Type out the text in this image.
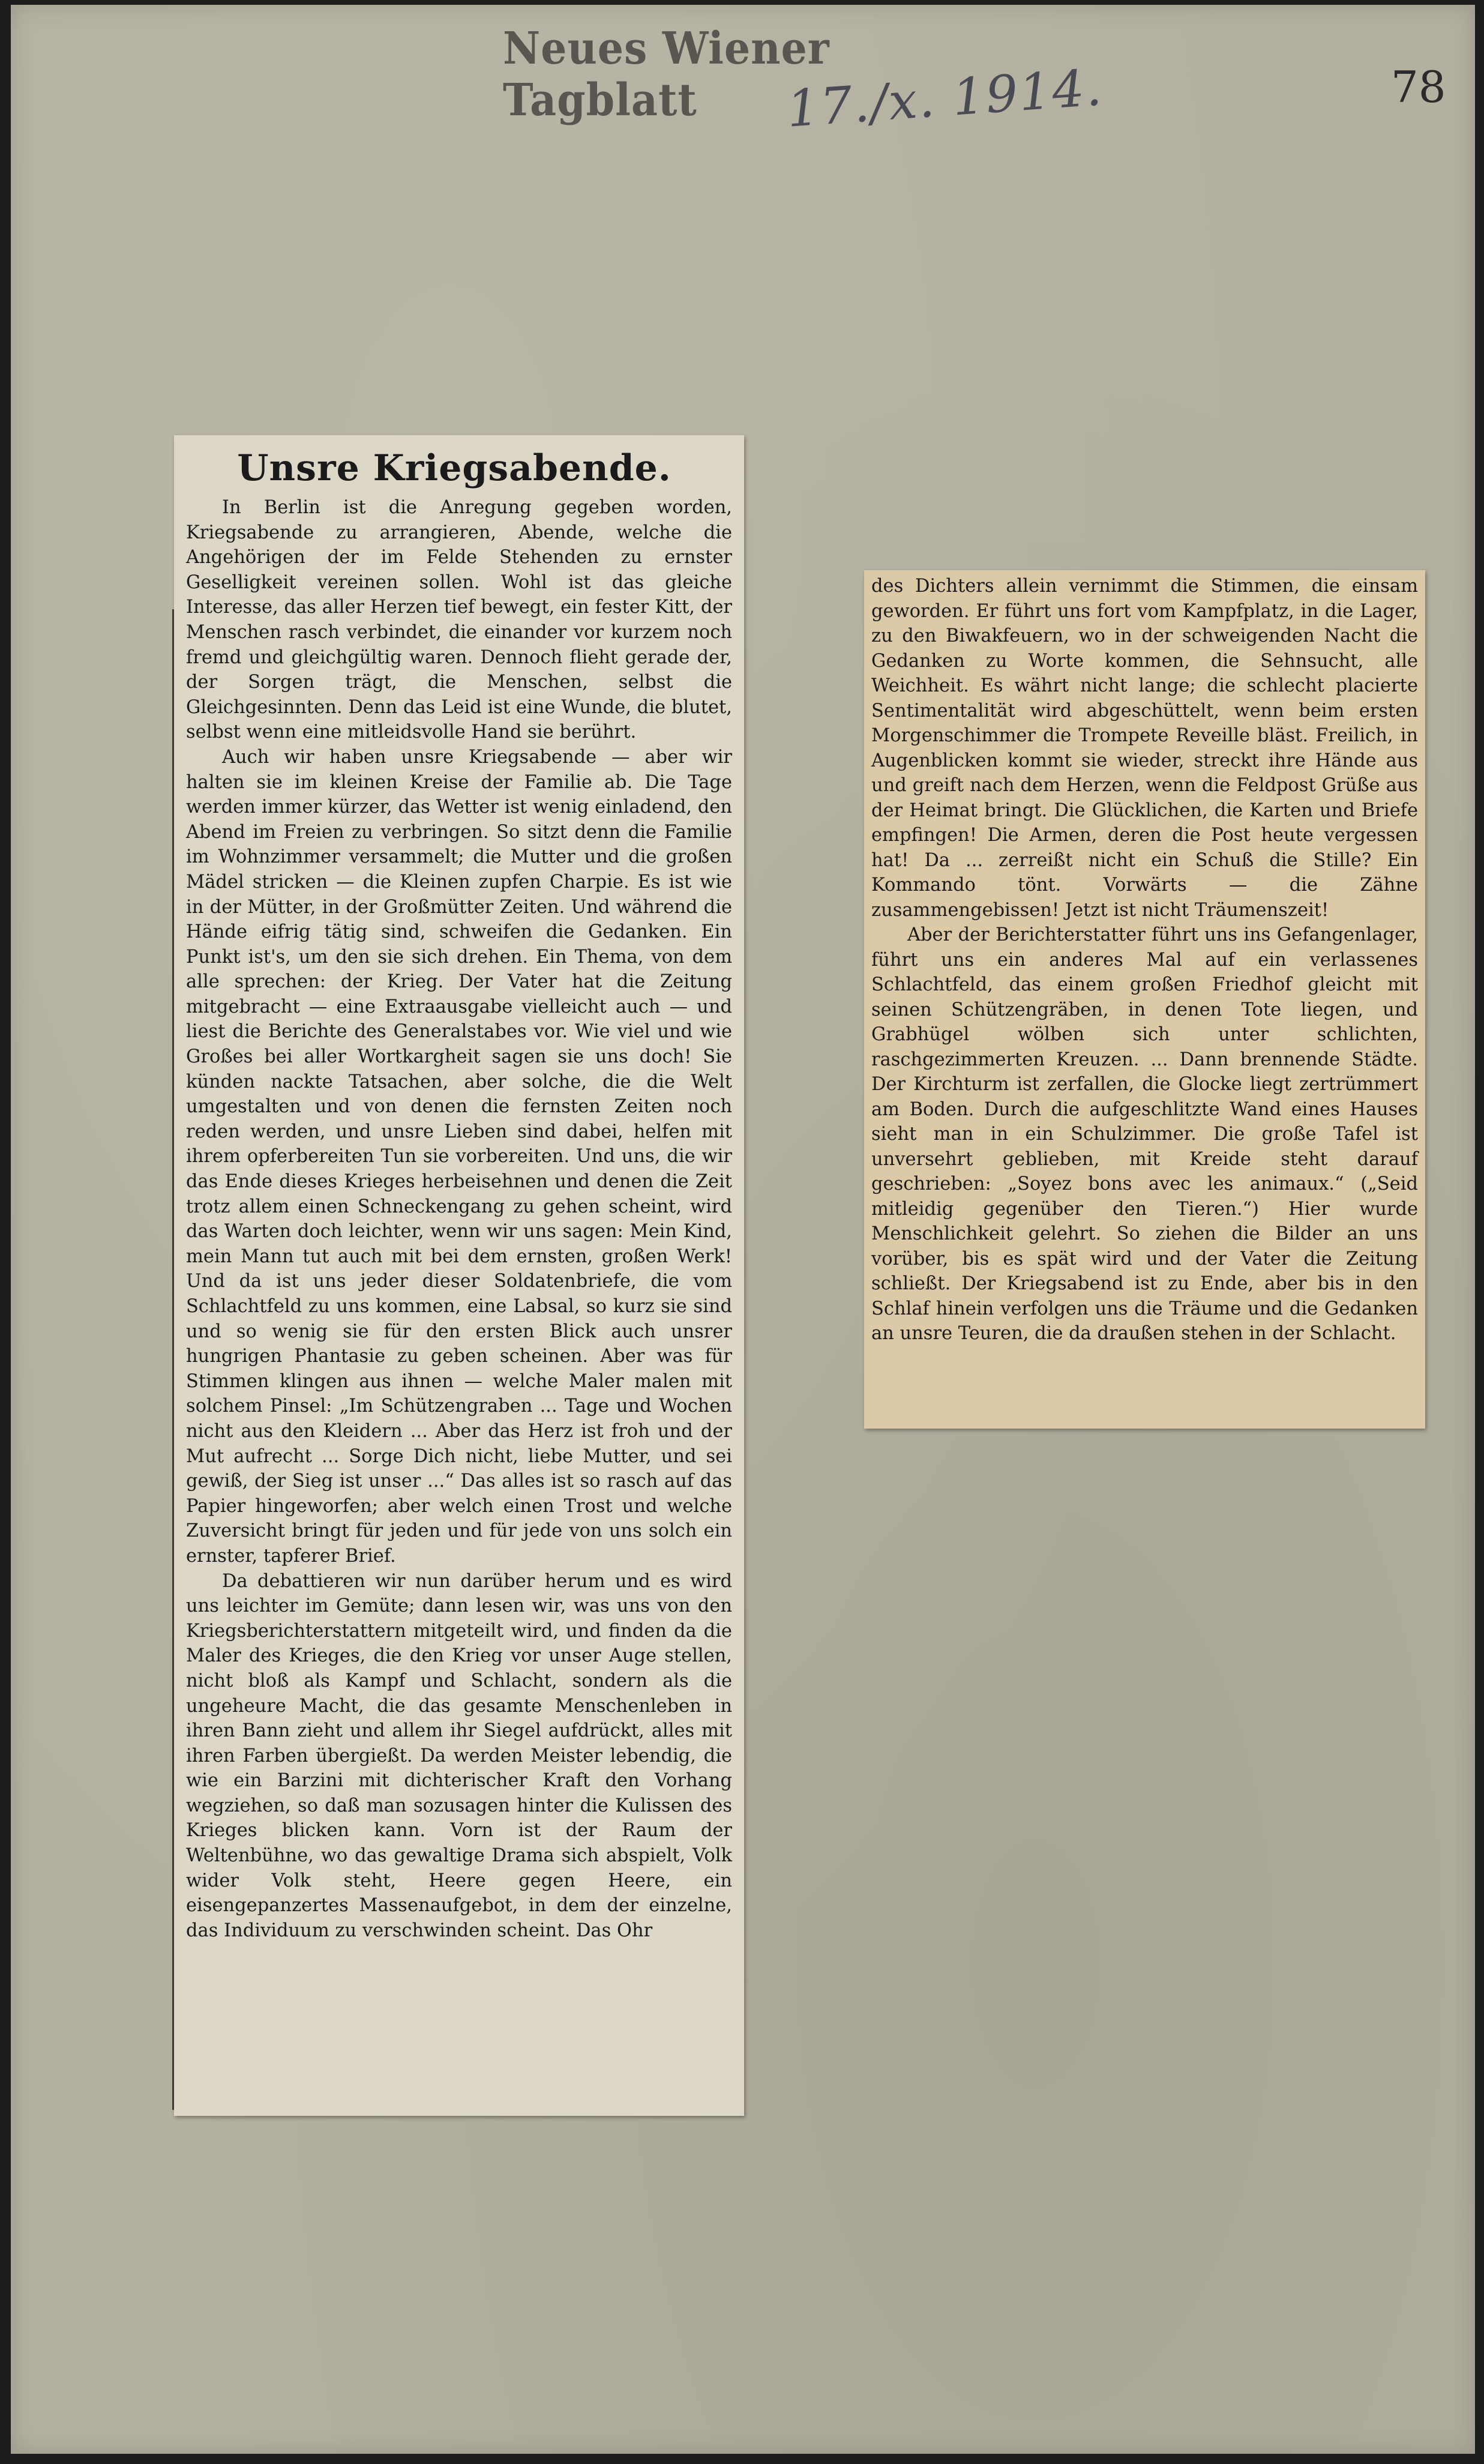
Neues Wiener Tagblatt	17./x. 1914.	78
Unsre Kriegsabende.

In Berlin ist die Anregung gegeben worden, Kriegsabende zu arrangieren, Abende, welche die Angehörigen der im Felde Stehenden zu ernster Geselligkeit vereinen sollen. Wohl ist das gleiche Interesse, das aller Herzen tief bewegt, ein fester Kitt, der Menschen rasch verbindet, die einander vor kurzem noch fremd und gleichgültig waren. Dennoch flieht gerade der, der Sorgen trägt, die Menschen, selbst die Gleichgesinnten. Denn das Leid ist eine Wunde, die blutet, selbst wenn eine mitleidsvolle Hand sie berührt.

Auch wir haben unsre Kriegsabende — aber wir halten sie im kleinen Kreise der Familie ab. Die Tage werden immer kürzer, das Wetter ist wenig einladend, den Abend im Freien zu verbringen. So sitzt denn die Familie im Wohnzimmer versammelt; die Mutter und die großen Mädel stricken — die Kleinen zupfen Charpie. Es ist wie in der Mütter, in der Großmütter Zeiten. Und während die Hände eifrig tätig sind, schweifen die Gedanken. Ein Punkt ist's, um den sie sich drehen. Ein Thema, von dem alle sprechen: der Krieg. Der Vater hat die Zeitung mitgebracht — eine Extraausgabe vielleicht auch — und liest die Berichte des Generalstabes vor. Wie viel und wie Großes bei aller Wortkargheit sagen sie uns doch! Sie künden nackte Tatsachen, aber solche, die die Welt umgestalten und von denen die fernsten Zeiten noch reden werden, und unsre Lieben sind dabei, helfen mit ihrem opferbereiten Tun sie vorbereiten. Und uns, die wir das Ende dieses Krieges herbeisehnen und denen die Zeit trotz allem einen Schneckengang zu gehen scheint, wird das Warten doch leichter, wenn wir uns sagen: Mein Kind, mein Mann tut auch mit bei dem ernsten, großen Werk! Und da ist uns jeder dieser Soldatenbriefe, die vom Schlachtfeld zu uns kommen, eine Labsal, so kurz sie sind und so wenig sie für den ersten Blick auch unsrer hungrigen Phantasie zu geben scheinen. Aber was für Stimmen klingen aus ihnen — welche Maler malen mit solchem Pinsel: „Im Schützengraben ... Tage und Wochen nicht aus den Kleidern ... Aber das Herz ist froh und der Mut aufrecht ... Sorge Dich nicht, liebe Mutter, und sei gewiß, der Sieg ist unser ...“ Das alles ist so rasch auf das Papier hingeworfen; aber welch einen Trost und welche Zuversicht bringt für jeden und für jede von uns solch ein ernster, tapferer Brief.

Da debattieren wir nun darüber herum und es wird uns leichter im Gemüte; dann lesen wir, was uns von den Kriegsberichterstattern mitgeteilt wird, und finden da die Maler des Krieges, die den Krieg vor unser Auge stellen, nicht bloß als Kampf und Schlacht, sondern als die ungeheure Macht, die das gesamte Menschenleben in ihren Bann zieht und allem ihr Siegel aufdrückt, alles mit ihren Farben übergießt. Da werden Meister lebendig, die wie ein Barzini mit dichterischer Kraft den Vorhang wegziehen, so daß man sozusagen hinter die Kulissen des Krieges blicken kann. Vorn ist der Raum der Weltenbühne, wo das gewaltige Drama sich abspielt, Volk wider Volk steht, Heere gegen Heere, ein eisengepanzertes Massenaufgebot, in dem der einzelne, das Individuum zu verschwinden scheint. Das Ohr

des Dichters allein vernimmt die Stimmen, die einsam geworden. Er führt uns fort vom Kampfplatz, in die Lager, zu den Biwakfeuern, wo in der schweigenden Nacht die Gedanken zu Worte kommen, die Sehnsucht, alle Weichheit. Es währt nicht lange; die schlecht placierte Sentimentalität wird abgeschüttelt, wenn beim ersten Morgenschimmer die Trompete Reveille bläst. Freilich, in Augenblicken kommt sie wieder, streckt ihre Hände aus und greift nach dem Herzen, wenn die Feldpost Grüße aus der Heimat bringt. Die Glücklichen, die Karten und Briefe empfingen! Die Armen, deren die Post heute vergessen hat! Da ... zerreißt nicht ein Schuß die Stille? Ein Kommando tönt. Vorwärts — die Zähne zusammengebissen! Jetzt ist nicht Träumenszeit!

Aber der Berichterstatter führt uns ins Gefangenlager, führt uns ein anderes Mal auf ein verlassenes Schlachtfeld, das einem großen Friedhof gleicht mit seinen Schützengräben, in denen Tote liegen, und Grabhügel wölben sich unter schlichten, raschgezimmerten Kreuzen. ... Dann brennende Städte. Der Kirchturm ist zerfallen, die Glocke liegt zertrümmert am Boden. Durch die aufgeschlitzte Wand eines Hauses sieht man in ein Schulzimmer. Die große Tafel ist unversehrt geblieben, mit Kreide steht darauf geschrieben: „Soyez bons avec les animaux.“ („Seid mitleidig gegenüber den Tieren.“) Hier wurde Menschlichkeit gelehrt. So ziehen die Bilder an uns vorüber, bis es spät wird und der Vater die Zeitung schließt. Der Kriegsabend ist zu Ende, aber bis in den Schlaf hinein verfolgen uns die Träume und die Gedanken an unsre Teuren, die da draußen stehen in der Schlacht.
